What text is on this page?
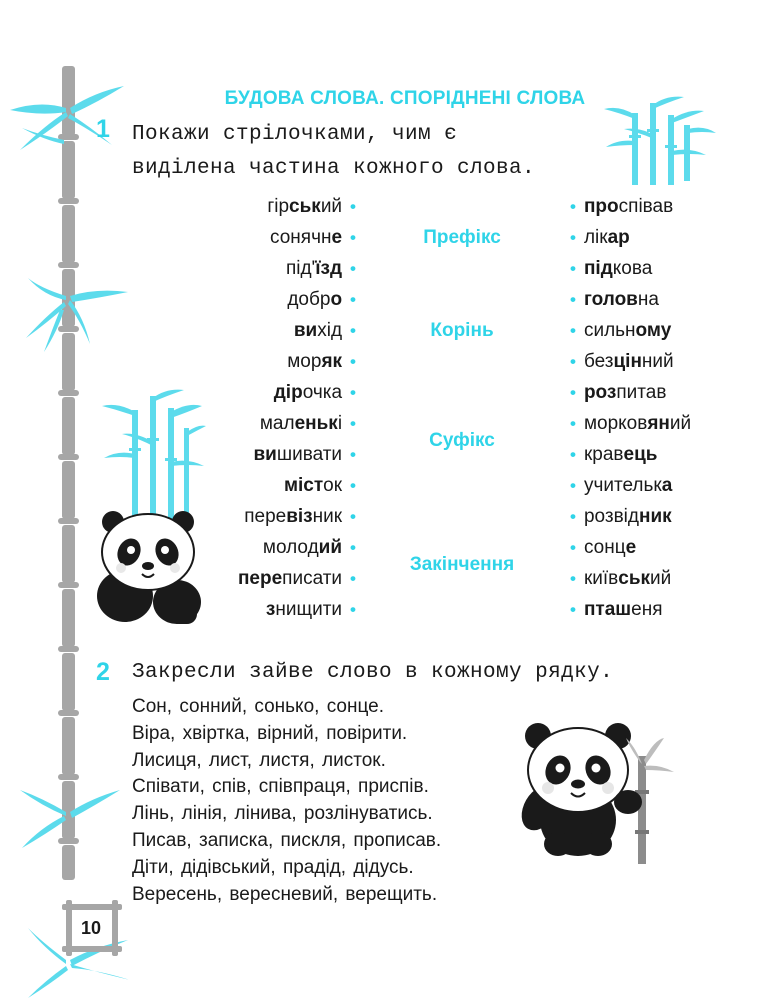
БУДОВА СЛОВА. СПОРІДНЕНІ СЛОВА
1 Покажи стрілочками, чим є
виділена частина кожного слова.
гірський •
сонячне •
під'їзд •
добро •
вихід •
моряк •
дірочка •
маленькі •
вишивати •
місток •
перевізник •
молодий •
переписати •
знищити •
• проспівав
• лікар
• підкова
• головна
• сильному
• безцінний
• розпитав
• морковяний
• кравець
• учителька
• розвідник
• сонце
• київський
• пташеня
Префікс
Корінь
Суфікс
Закінчення
2 Закресли зайве слово в кожному рядку.
Сон, сонний, сонько, сонце.
Віра, хвіртка, вірний, повірити.
Лисиця, лист, листя, листок.
Співати, спів, співпраця, приспів.
Лінь, лінія, лінива, розлінуватись.
Писав, записка, пискля, прописав.
Діти, дідівський, прадід, дідусь.
Вересень, вересневий, верещить.
10
